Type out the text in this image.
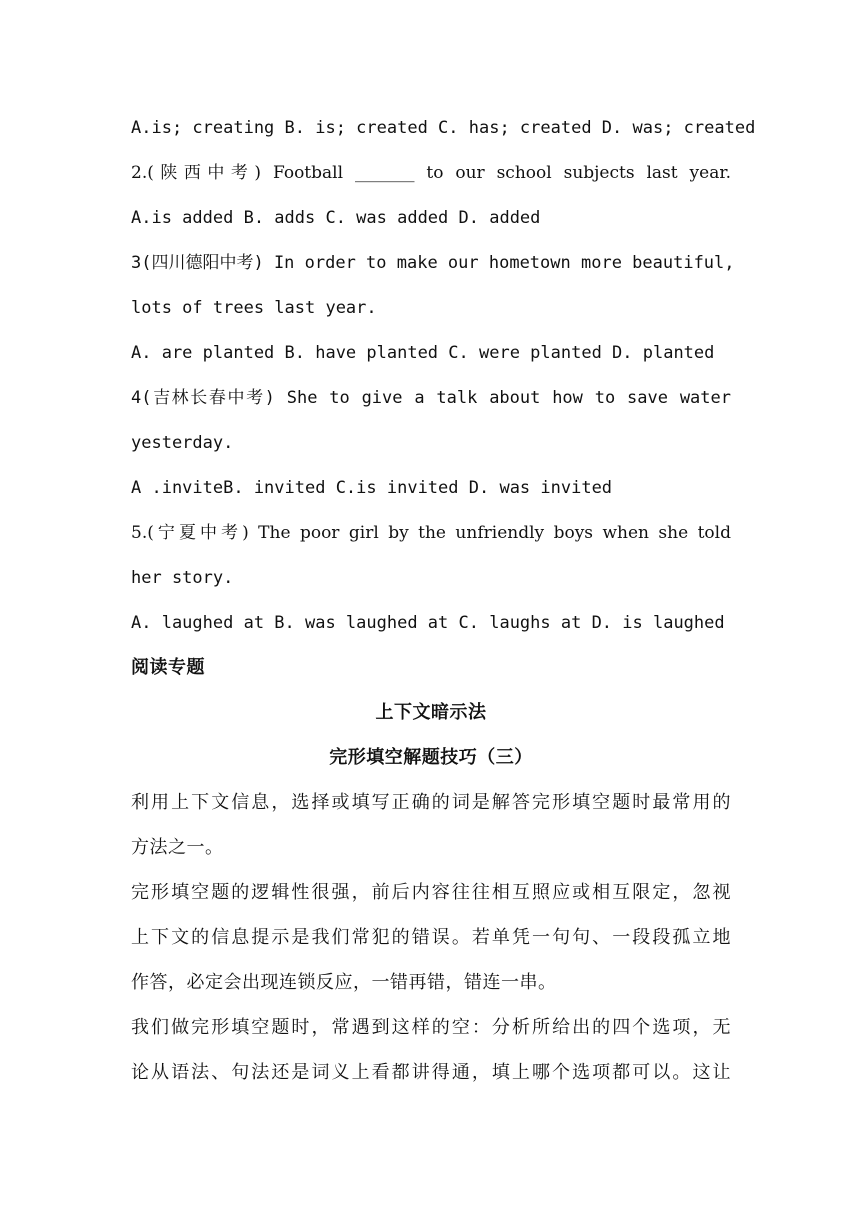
A.is; creating B. is; created C. has; created D. was; created
2.(陕西中考) Football _______ to our school subjects last year.
A.is added B. adds C. was added D. added
3(四川德阳中考) In order to make our hometown more beautiful,
lots of trees last year.
A. are planted B. have planted C. were planted D. planted
4(吉林长春中考) She to give a talk about how to save water
yesterday.
A .inviteB. invited C.is invited D. was invited
5.(宁夏中考) The poor girl by the unfriendly boys when she told
her story.
A. laughed at B. was laughed at C. laughs at D. is laughed
阅读专题
上下文暗示法
完形填空解题技巧（三）
利用上下文信息，选择或填写正确的词是解答完形填空题时最常用的
方法之一。
完形填空题的逻辑性很强，前后内容往往相互照应或相互限定，忽视
上下文的信息提示是我们常犯的错误。若单凭一句句、一段段孤立地
作答，必定会出现连锁反应，一错再错，错连一串。
我们做完形填空题时，常遇到这样的空：分析所给出的四个选项，无
论从语法、句法还是词义上看都讲得通，填上哪个选项都可以。这让
